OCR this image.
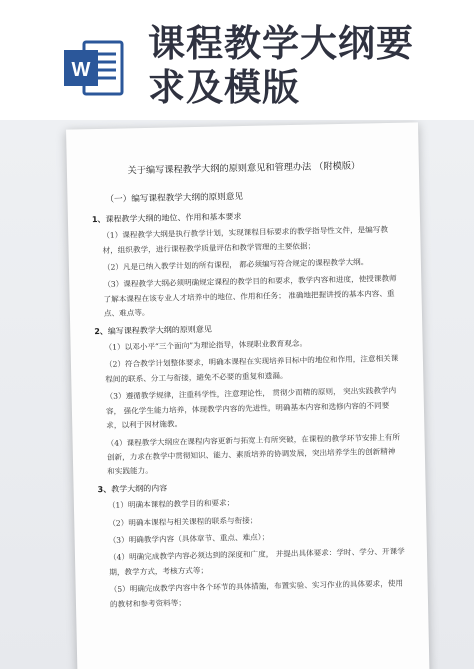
W
课程教学大纲要求及模版
关于编写课程教学大纲的原则意见和管理办法 （附模版）
（一）编写课程教学大纲的原则意见
1、课程教学大纲的地位、作用和基本要求

（1）课程教学大纲是执行教学计划，实现课程目标要求的教学指导性文件，是编写教材，组织教学，进行课程教学质量评估和教学管理的主要依据；

（2）凡是已纳入教学计划的所有课程， 都必须编写符合规定的课程教学大纲。

（3）课程教学大纲必须明确规定课程的教学目的和要求，教学内容和进度，使授课教师了解本课程在该专业人才培养中的地位、作用和任务； 准确地把握讲授的基本内容、重点、难点等。

2、编写课程教学大纲的原则意见

（1）以邓小平“三个面向”为理论指导，体现职业教育观念。

（2）符合教学计划整体要求，明确本课程在实现培养目标中的地位和作用，注意相关课程间的联系、分工与衔接，避免不必要的重复和遗漏。

（3）遵循教学规律，注重科学性，注意理论性， 贯彻少而精的原则， 突出实践教学内容， 强化学生能力培养，体现教学内容的先进性，明确基本内容和选修内容的不同要求，以利于因材施教。

（4）课程教学大纲应在课程内容更新与拓宽上有所突破，在课程的教学环节安排上有所创新，力求在教学中贯彻知识、能力、素质培养的协调发展，突出培养学生的创新精神和实践能力。

3、教学大纲的内容

（1）明确本课程的教学目的和要求；

（2）明确本课程与相关课程的联系与衔接；

（3）明确教学内容（具体章节、重点、难点）；

（4）明确完成教学内容必须达到的深度和广度， 并提出具体要求：学时、学分、开课学期，教学方式，考核方式等；

（5）明确完成教学内容中各个环节的具体措施，布置实验、实习作业的具体要求，使用的教材和参考资料等；
